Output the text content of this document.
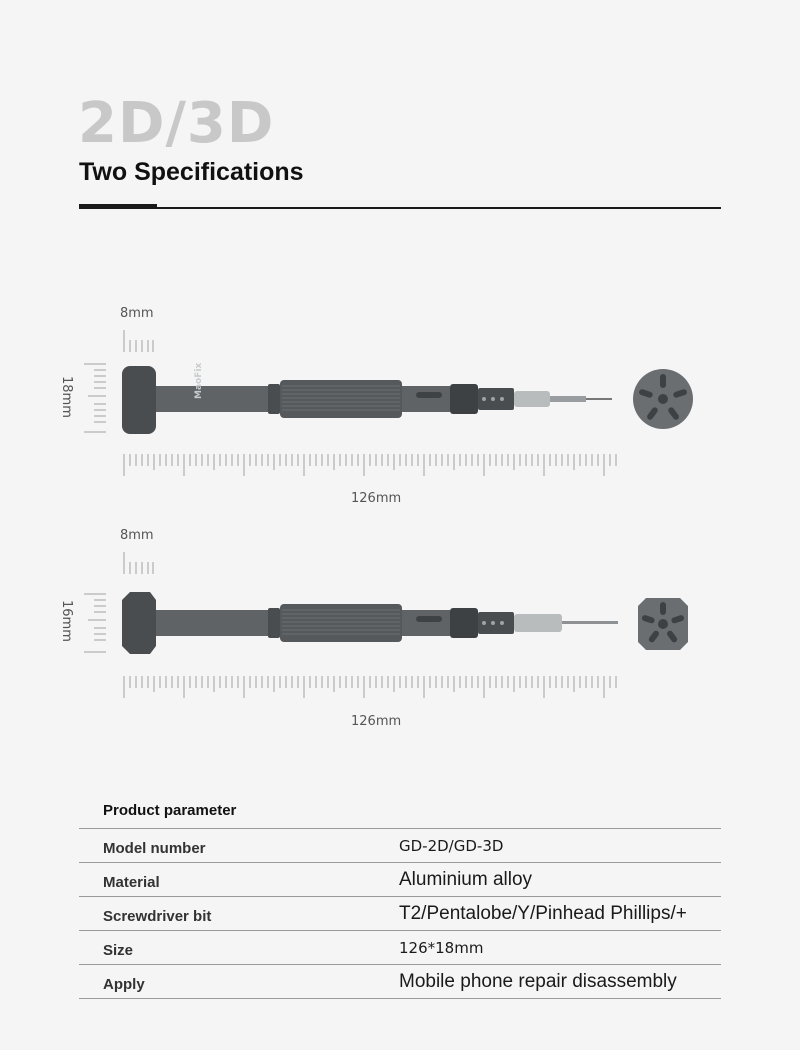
2D/3D
Two Specifications
MaoFix
8mm
18mm
126mm
8mm
16mm
126mm
Product parameter
Model number	GD-2D/GD-3D
Material	Aluminium alloy
Screwdriver bit	T2/Pentalobe/Y/Pinhead Phillips/+
Size	126*18mm
Apply	Mobile phone repair disassembly
